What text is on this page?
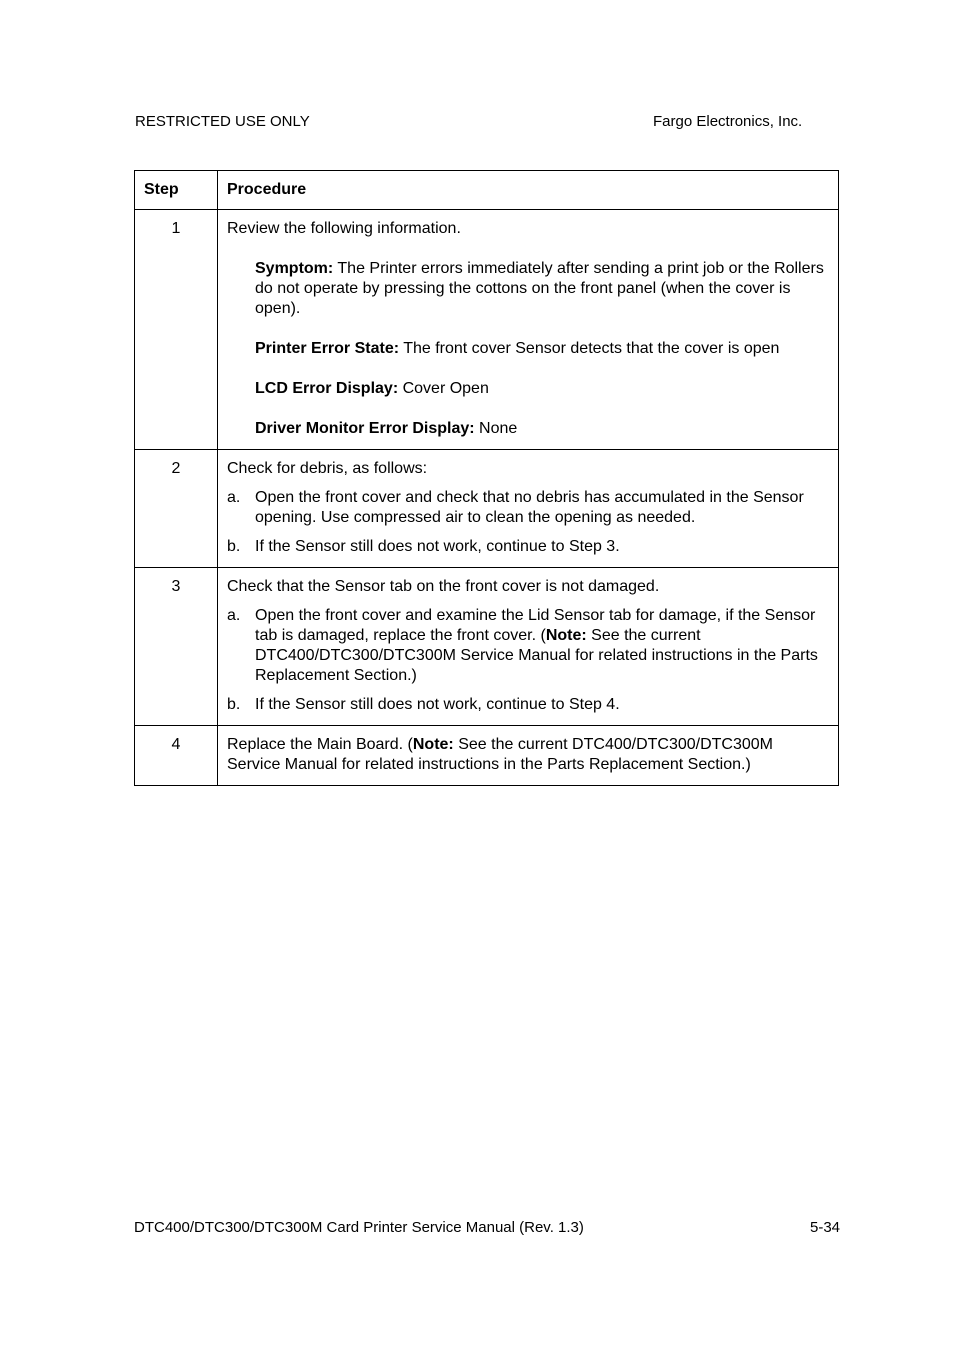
RESTRICTED USE ONLY	Fargo Electronics, Inc.
Step	Procedure
1	Review the following information.

Symptom: The Printer errors immediately after sending a print job or the Rollers do not operate by pressing the cottons on the front panel (when the cover is open).

Printer Error State: The front cover Sensor detects that the cover is open

LCD Error Display: Cover Open

Driver Monitor Error Display: None

2	Check for debris, as follows:

a. Open the front cover and check that no debris has accumulated in the Sensor opening. Use compressed air to clean the opening as needed.
b. If the Sensor still does not work, continue to Step 3.

3	Check that the Sensor tab on the front cover is not damaged.

a. Open the front cover and examine the Lid Sensor tab for damage, if the Sensor tab is damaged, replace the front cover. (Note: See the current DTC400/DTC300/DTC300M Service Manual for related instructions in the Parts Replacement Section.)
b. If the Sensor still does not work, continue to Step 4.

4	Replace the Main Board. (Note: See the current DTC400/DTC300/DTC300M Service Manual for related instructions in the Parts Replacement Section.)

DTC400/DTC300/DTC300M Card Printer Service Manual (Rev. 1.3)	5-34
